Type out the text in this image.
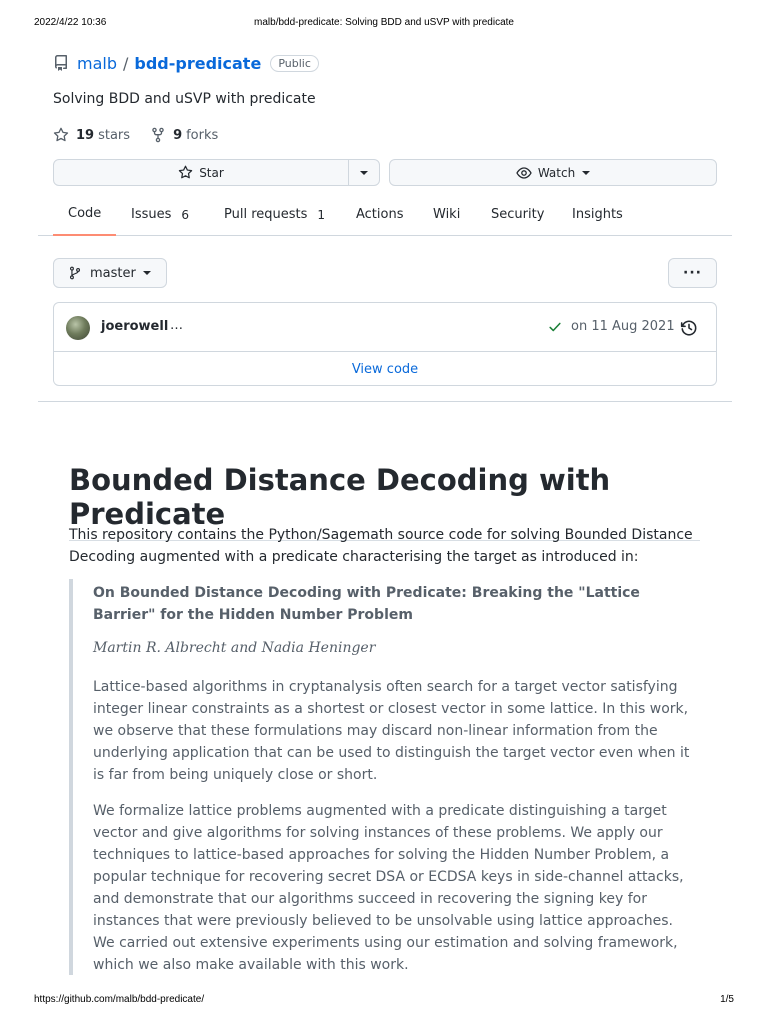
2022/4/22 10:36	malb/bdd-predicate: Solving BDD and uSVP with predicate
malb / bdd-predicate	Public
Solving BDD and uSVP with predicate
19 stars	9 forks
Star	Watch
Code Issues 6	Pull requests 1 Actions Wiki Security Insights
master	···
joerowell …	on 11 Aug 2021
View code
Bounded Distance Decoding with Predicate

This repository contains the Python/Sagemath source code for solving Bounded Distance Decoding augmented with a predicate characterising the target as introduced in:

On Bounded Distance Decoding with Predicate: Breaking the "Lattice Barrier" for the Hidden Number Problem
Martin R. Albrecht and Nadia Heninger

Lattice-based algorithms in cryptanalysis often search for a target vector satisfying integer linear constraints as a shortest or closest vector in some lattice. In this work, we observe that these formulations may discard non-linear information from the underlying application that can be used to distinguish the target vector even when it is far from being uniquely close or short.

We formalize lattice problems augmented with a predicate distinguishing a target vector and give algorithms for solving instances of these problems. We apply our techniques to lattice-based approaches for solving the Hidden Number Problem, a popular technique for recovering secret DSA or ECDSA keys in side-channel attacks, and demonstrate that our algorithms succeed in recovering the signing key for instances that were previously believed to be unsolvable using lattice approaches. We carried out extensive experiments using our estimation and solving framework, which we also make available with this work.

https://github.com/malb/bdd-predicate/	1/5
